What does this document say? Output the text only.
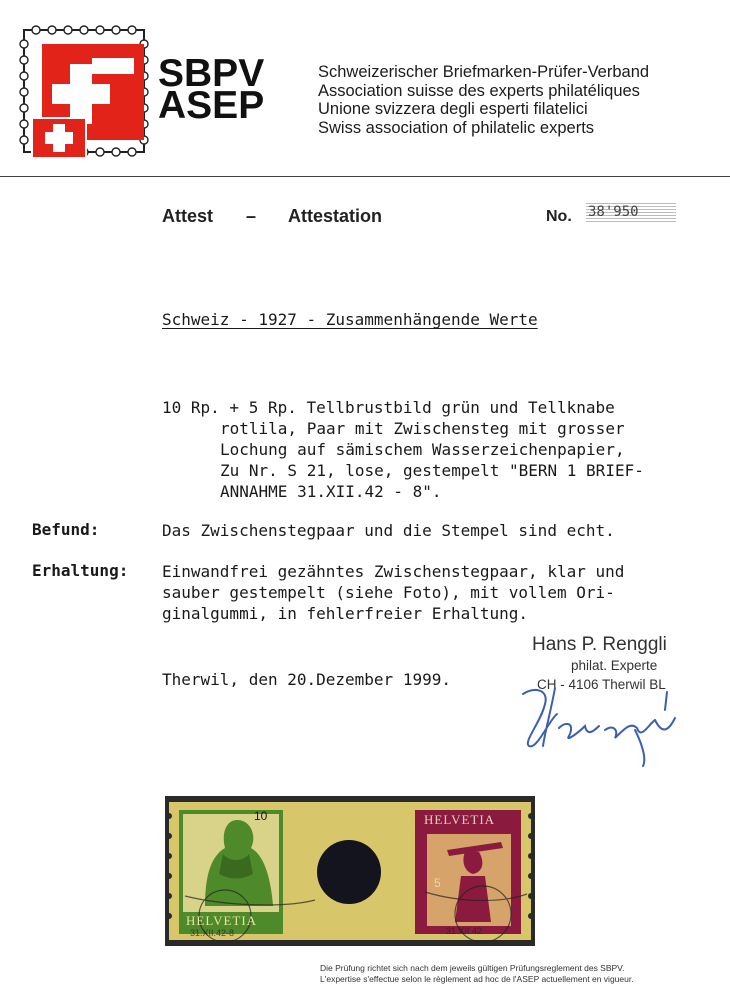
SBPV
ASEP
Schweizerischer Briefmarken-Prüfer-Verband
Association suisse des experts philatéliques
Unione svizzera degli esperti filatelici
Swiss association of philatelic experts
Attest – Attestation	No. 38'950
Schweiz - 1927 - Zusammenhängende Werte
10 Rp. + 5 Rp. Tellbrustbild grün und Tellknabe
rotlila, Paar mit Zwischensteg mit grosser
Lochung auf sämischem Wasserzeichenpapier,
Zu Nr. S 21, lose, gestempelt "BERN 1 BRIEF-
ANNAHME 31.XII.42 - 8".
Befund:	Das Zwischenstegpaar und die Stempel sind echt.
Erhaltung: Einwandfrei gezähntes Zwischenstegpaar, klar und
sauber gestempelt (siehe Foto), mit vollem Ori-
ginalgummi, in fehlerfreier Erhaltung.
Therwil, den 20.Dezember 1999.
Hans P. Renggli
philat. Experte
CH - 4106 Therwil BL
10
HELVETIA
HELVETIA
5
31.XII.42-8	31.XII.42
Die Prüfung richtet sich nach dem jeweils gültigen Prüfungsreglement des SBPV.
L'expertise s'effectue selon le règlement ad hoc de l'ASEP actuellement en vigueur.
